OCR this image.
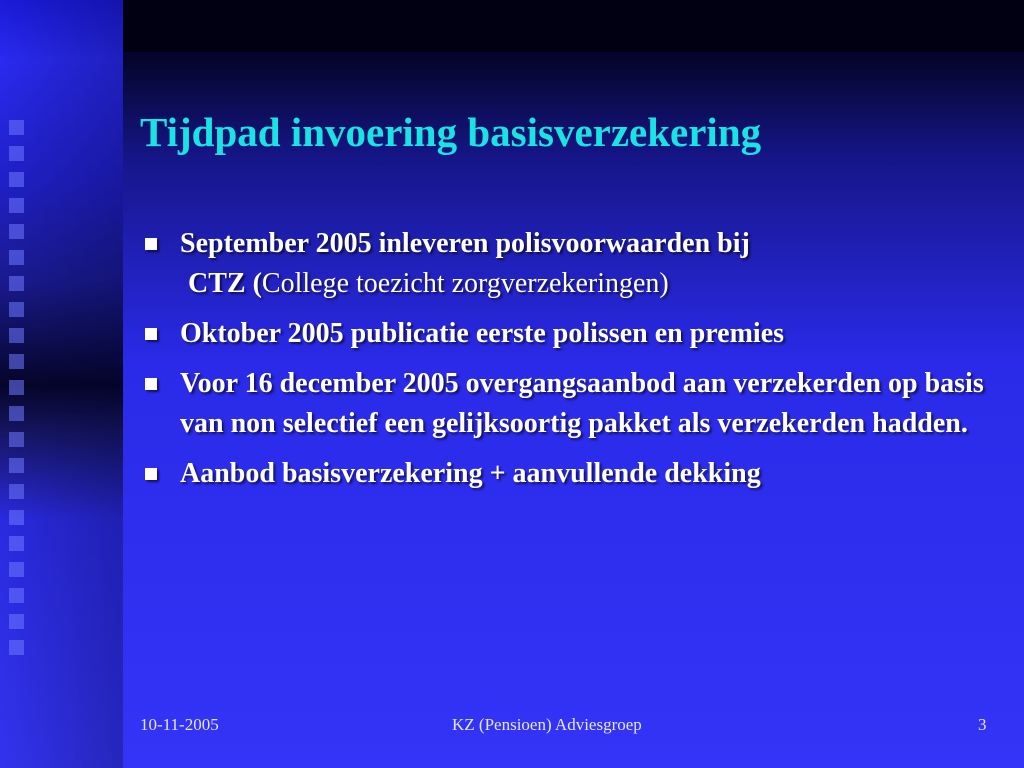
Tijdpad invoering basisverzekering
September 2005 inleveren polisvoorwaarden bij
CTZ (College toezicht zorgverzekeringen)
Oktober 2005 publicatie eerste polissen en premies
Voor 16 december 2005 overgangsaanbod aan verzekerden op basis van non selectief een gelijksoortig pakket als verzekerden hadden.
Aanbod basisverzekering + aanvullende dekking
10-11-2005	KZ (Pensioen) Adviesgroep	3
